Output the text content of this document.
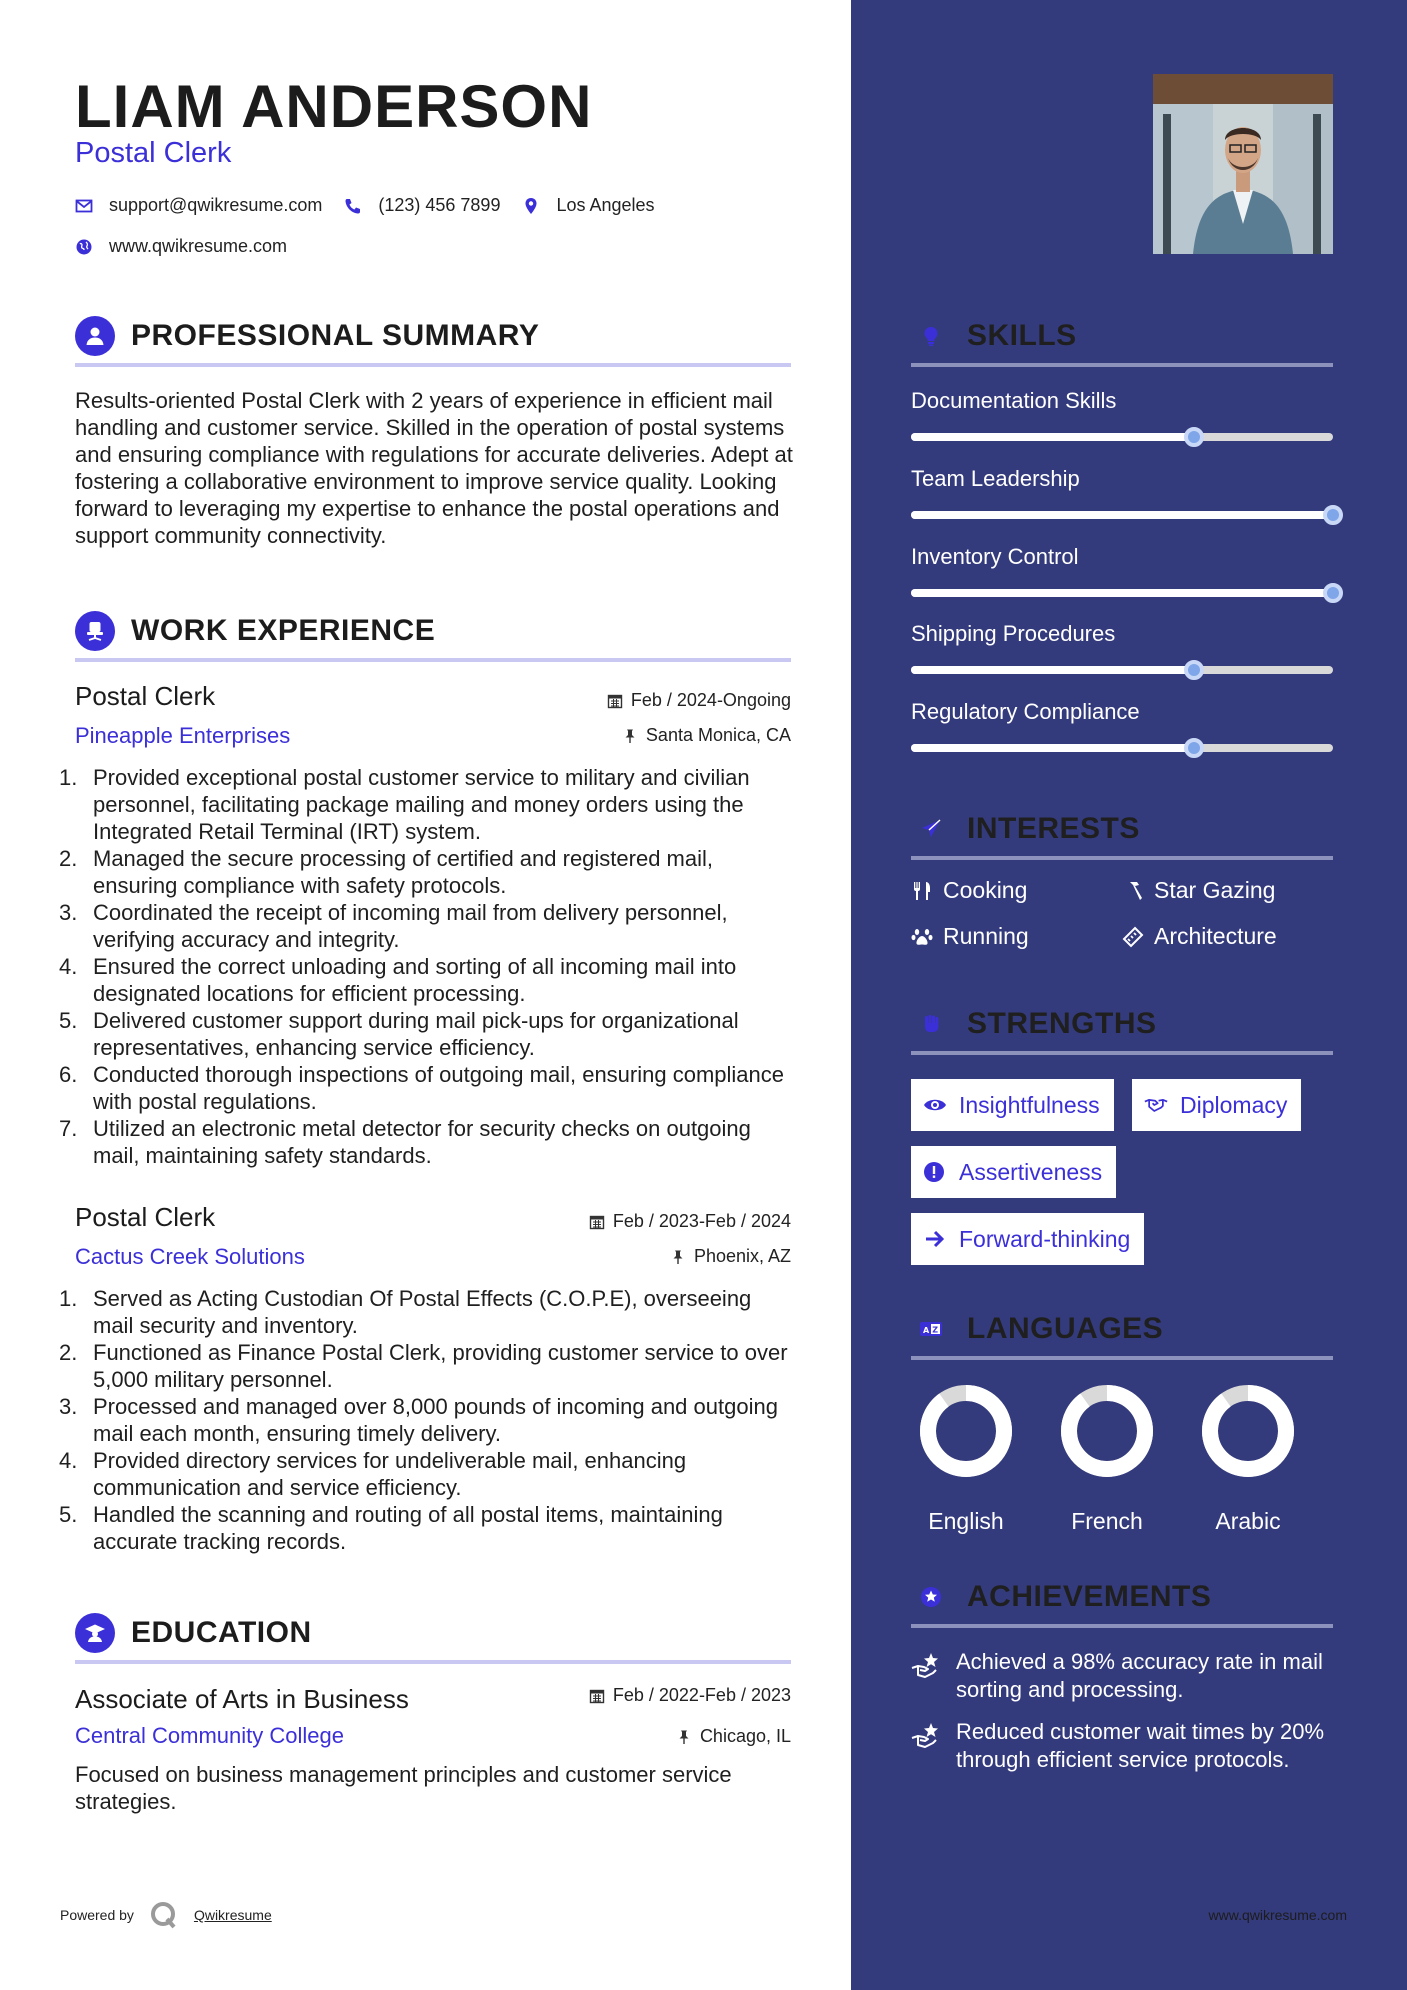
LIAM ANDERSON
Postal Clerk
support@qwikresume.com	(123) 456 7899	Los Angeles
www.qwikresume.com
PROFESSIONAL SUMMARY
Results-oriented Postal Clerk with 2 years of experience in efficient mail handling and customer service. Skilled in the operation of postal systems and ensuring compliance with regulations for accurate deliveries. Adept at fostering a collaborative environment to improve service quality. Looking forward to leveraging my expertise to enhance the postal operations and support community connectivity.
WORK EXPERIENCE
Postal Clerk	Feb / 2024-Ongoing
Pineapple Enterprises	Santa Monica, CA
1. Provided exceptional postal customer service to military and civilian personnel, facilitating package mailing and money orders using the Integrated Retail Terminal (IRT) system.
2. Managed the secure processing of certified and registered mail, ensuring compliance with safety protocols.
3. Coordinated the receipt of incoming mail from delivery personnel, verifying accuracy and integrity.
4. Ensured the correct unloading and sorting of all incoming mail into designated locations for efficient processing.
5. Delivered customer support during mail pick-ups for organizational representatives, enhancing service efficiency.
6. Conducted thorough inspections of outgoing mail, ensuring compliance with postal regulations.
7. Utilized an electronic metal detector for security checks on outgoing mail, maintaining safety standards.
Postal Clerk	Feb / 2023-Feb / 2024
Cactus Creek Solutions	Phoenix, AZ
1. Served as Acting Custodian Of Postal Effects (C.O.P.E), overseeing mail security and inventory.
2. Functioned as Finance Postal Clerk, providing customer service to over 5,000 military personnel.
3. Processed and managed over 8,000 pounds of incoming and outgoing mail each month, ensuring timely delivery.
4. Provided directory services for undeliverable mail, enhancing communication and service efficiency.
5. Handled the scanning and routing of all postal items, maintaining accurate tracking records.
EDUCATION
Associate of Arts in Business	Feb / 2022-Feb / 2023
Central Community College	Chicago, IL
Focused on business management principles and customer service strategies.
Powered by	Qwikresume
SKILLS
Documentation Skills
Team Leadership
Inventory Control
Shipping Procedures
Regulatory Compliance
INTERESTS
Cooking	Star Gazing
Running	Architecture
STRENGTHS
Insightfulness	Diplomacy
Assertiveness
Forward-thinking
A Z LANGUAGES
English	French	Arabic
ACHIEVEMENTS
Achieved a 98% accuracy rate in mail sorting and processing.
Reduced customer wait times by 20% through efficient service protocols.
www.qwikresume.com
